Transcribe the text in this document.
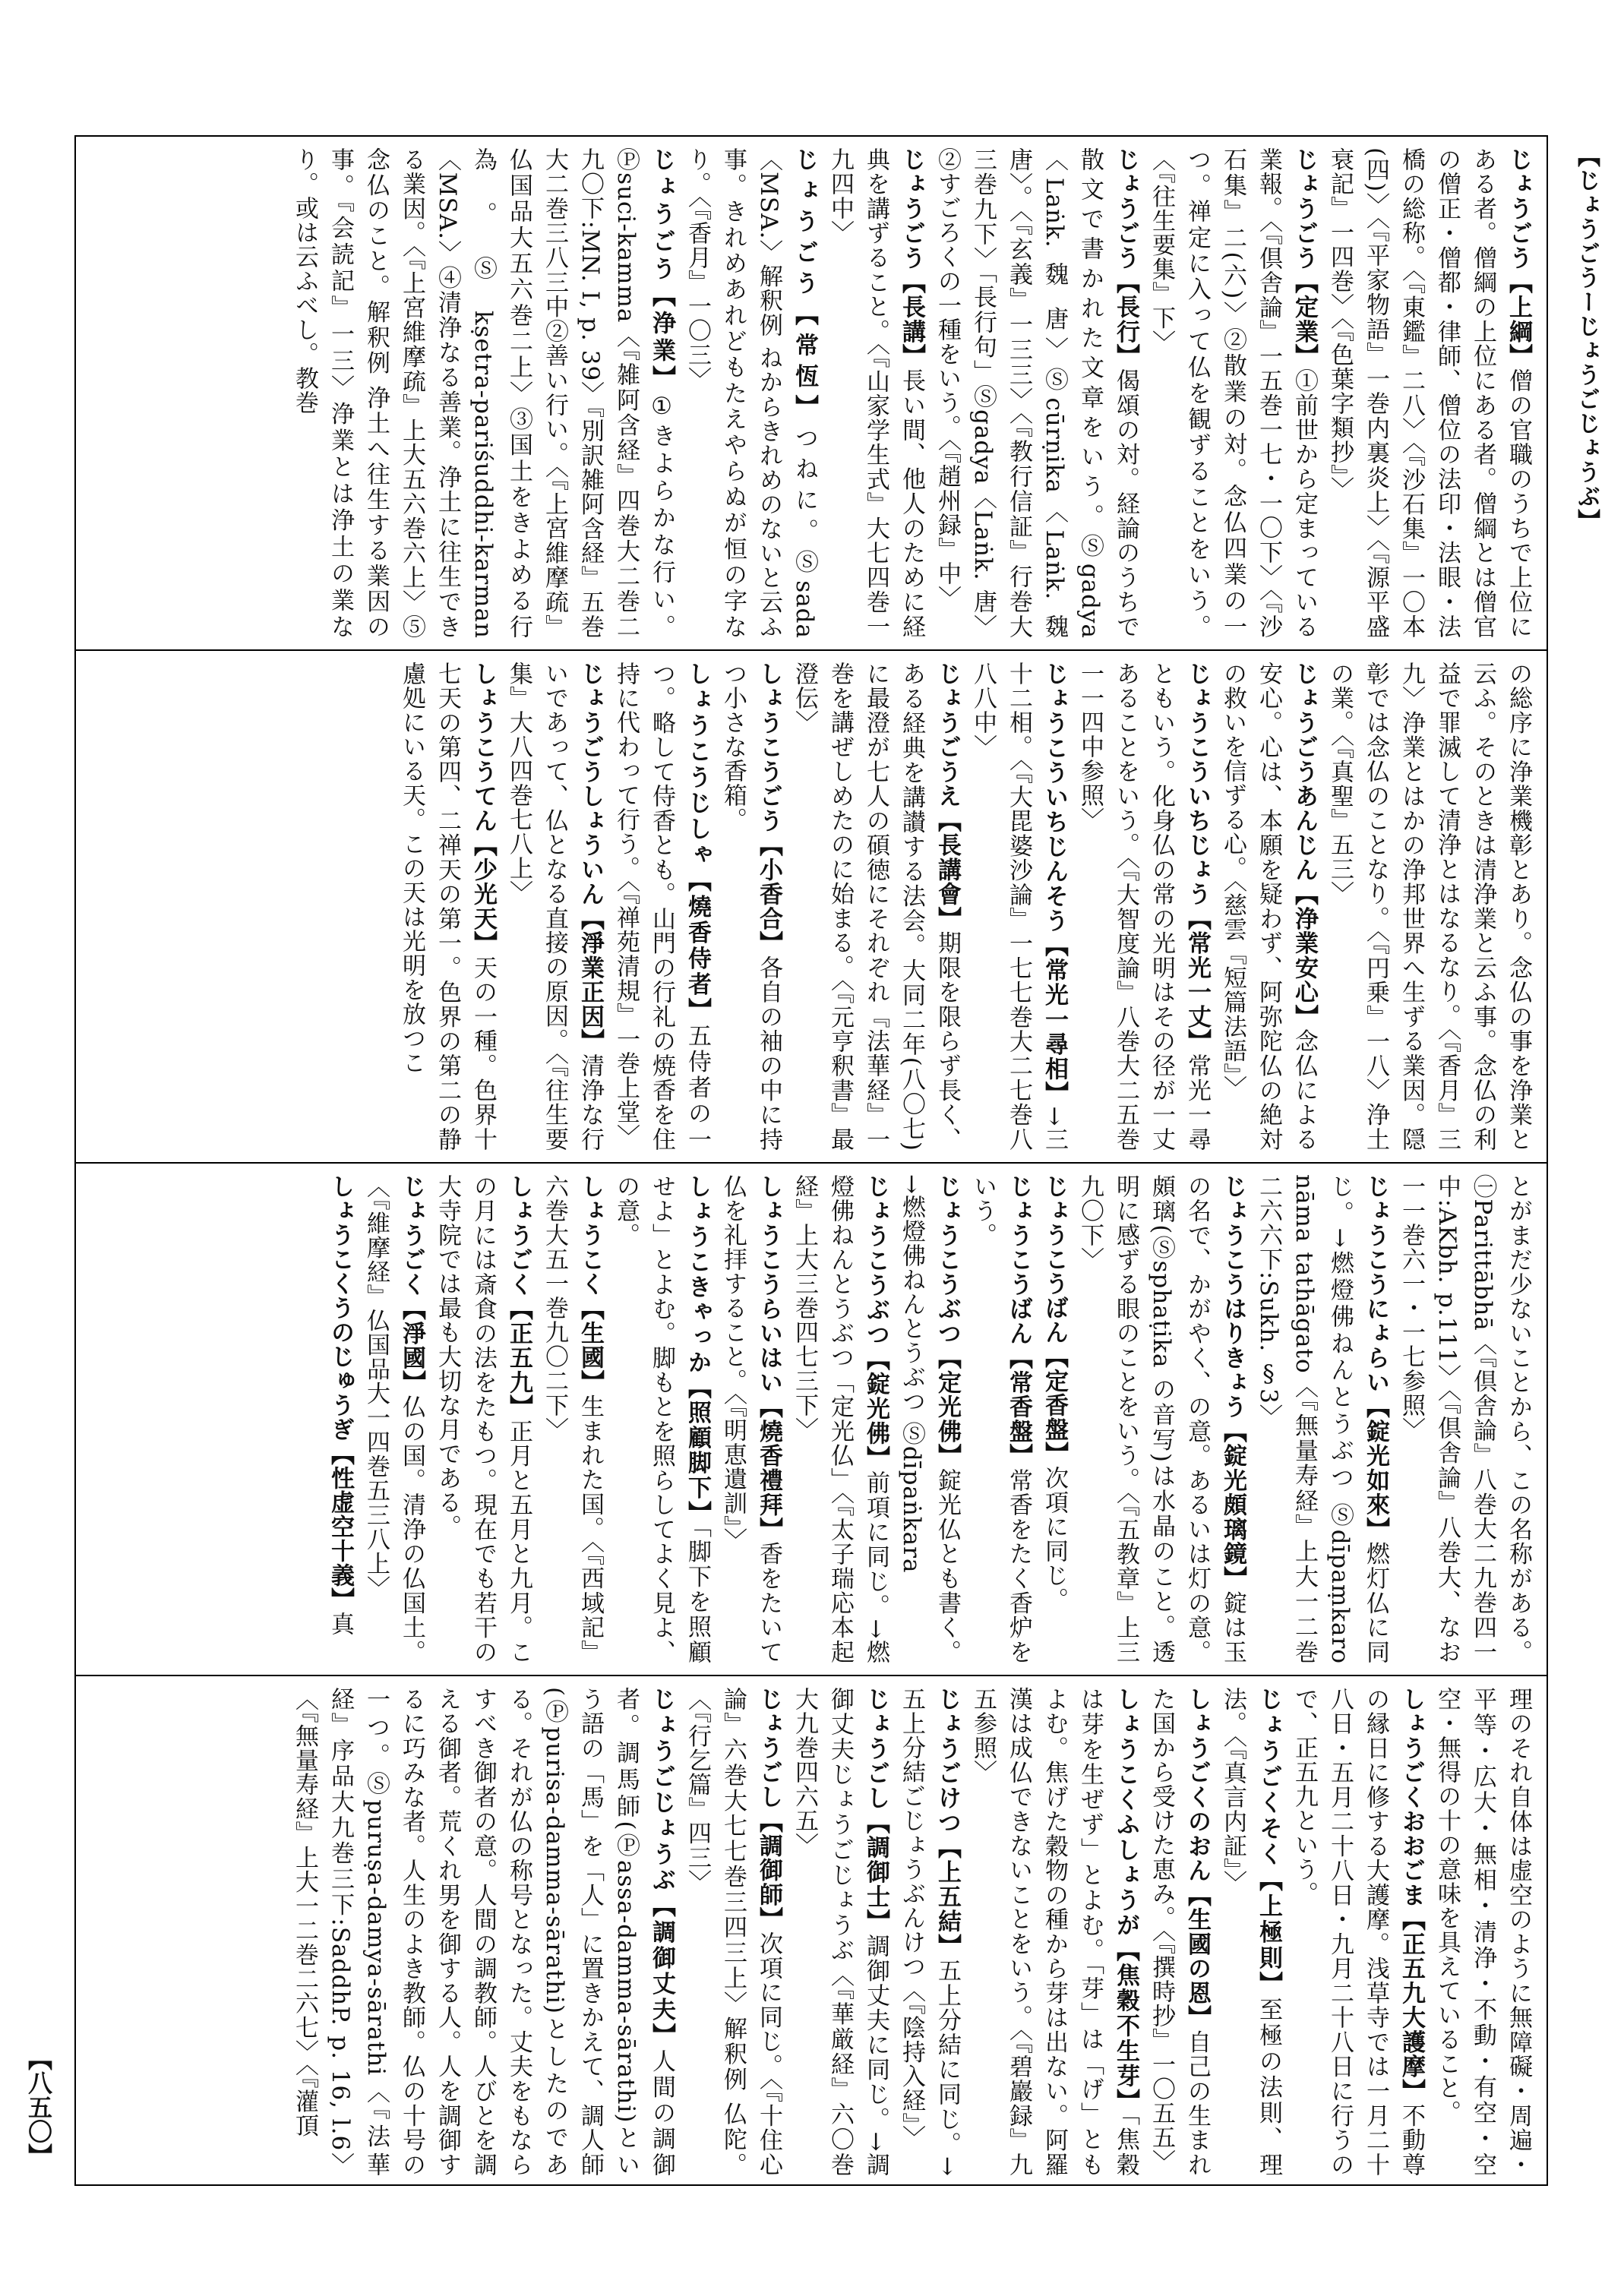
【じょうごうーじょうごじょうぶ】
【八五〇】

じょうごう【上綱】僧の官職のうちで上位にある者。僧綱の上位にある者。僧綱とは僧官の僧正・僧都・律師、僧位の法印・法眼・法橋の総称。〈『東鑑』二八〉〈『沙石集』一〇本(四)〉〈『平家物語』一巻内裏炎上〉〈『源平盛衰記』一四巻〉〈『色葉字類抄』〉

じょうごう【定業】①前世から定まっている業報。〈『倶舎論』一五巻一七・一〇下〉〈『沙石集』二(六)〉②散業の対。念仏四業の一つ。禅定に入って仏を観ずることをいう。〈『往生要集』下〉

じょうごう【長行】偈頌の対。経論のうちで散文で書かれた文章をいう。Ⓢgadya〈Laṅk. 魏 唐〉Ⓢcūrṇika〈Laṅk. 魏 唐〉。〈『玄義』一三三〉〈『教行信証』行巻大三巻九下〉「長行句」Ⓢgadya〈Laṅk. 唐〉②すごろくの一種をいう。〈『趙州録』中〉

じょうごう【長講】長い間、他人のために経典を講ずること。〈『山家学生式』大七四巻一九四中〉

じょうごう【常恆】つねに。Ⓢsada〈MSA.〉解釈例 ねからきれめのないと云ふ事。きれめあれどもたえやらぬが恒の字なり。〈『香月』一〇三〉

じょうごう【浄業】①きよらかな行い。Ⓟsuci-kamma〈『雑阿含経』四巻大二巻二九〇下:MN. I, p. 39〉『別訳雑阿含経』五巻大二巻三八三中②善い行い。〈『上宮維摩疏』仏国品大五六巻二上〉③国土をきよめる行為。Ⓢkṣetra-pariśuddhi-karman〈MSA.〉④清浄なる善業。浄土に往生できる業因。〈『上宮維摩疏』上大五六巻六上〉⑤念仏のこと。解釈例 浄土へ往生する業因の事。『会読記』一三〉浄業とは浄土の業なり。或は云ふべし。教巻

の総序に浄業機彰とあり。念仏の事を浄業と云ふ。そのときは清浄業と云ふ事。念仏の利益で罪滅して清浄とはなるなり。〈『香月』三九〉浄業とはかの浄邦世界へ生ずる業因。隠彰では念仏のことなり。〈『円乗』一八〉浄土の業。〈『真聖』五三〉

じょうごうあんじん【浄業安心】念仏による安心。心は、本願を疑わず、阿弥陀仏の絶対の救いを信ずる心。〈慈雲『短篇法語』〉

じょうこういちじょう【常光一丈】常光一尋ともいう。化身仏の常の光明はその径が一丈あることをいう。〈『大智度論』八巻大二五巻一一四中参照〉

じょうこういちじんそう【常光一尋相】→三十二相。〈『大毘婆沙論』一七七巻大二七巻八八八中〉

じょうごうえ【長講會】期限を限らず長く、ある経典を講讃する法会。大同二年(八〇七)に最澄が七人の碩徳にそれぞれ『法華経』一巻を講ぜしめたのに始まる。〈『元亨釈書』最澄伝〉

しょうこうごう【小香合】各自の袖の中に持つ小さな香箱。

しょうこうじしゃ【燒香侍者】五侍者の一つ。略して侍香とも。山門の行礼の焼香を住持に代わって行う。〈『禅苑清規』一巻上堂〉

じょうごうしょういん【淨業正因】清浄な行いであって、仏となる直接の原因。〈『往生要集』大八四巻七八上〉

しょうこうてん【少光天】天の一種。色界十七天の第四、二禅天の第一。色界の第二の静慮処にいる天。この天は光明を放つこ

とがまだ少ないことから、この名称がある。㊀Parittābhā〈『倶舎論』八巻大二九巻四一中:AKbh. p.111〉〈『倶舎論』八巻大、なお一一巻六一・一七参照〉

じょうこうにょらい【錠光如來】燃灯仏に同じ。→燃燈佛ねんとうぶつ Ⓢdīpaṃkaro nāma tathāgato〈『無量寿経』上大一二巻二六六下:Sukh. §3〉

じょうこうはりきょう【錠光頗璃鏡】錠は玉の名で、かがやく、の意。あるいは灯の意。頗璃(Ⓢsphaṭika の音写)は水晶のこと。透明に感ずる眼のことをいう。〈『五教章』上三九〇下〉

じょうこうばん【定香盤】次項に同じ。

じょうこうばん【常香盤】常香をたく香炉をいう。

じょうこうぶつ【定光佛】錠光仏とも書く。→燃燈佛ねんとうぶつ Ⓢdīpaṅkara

じょうこうぶつ【錠光佛】前項に同じ。→燃燈佛ねんとうぶつ「定光仏」〈『太子瑞応本起経』上大三巻四七三下〉

しょうこうらいはい【燒香禮拜】香をたいて仏を礼拝すること。〈『明恵遺訓』〉

しょうこきゃっか【照顧脚下】「脚下を照顧せよ」とよむ。脚もとを照らしてよく見よ、の意。

しょうこく【生國】生まれた国。〈『西域記』六巻大五一巻九〇二下〉

しょうごく【正五九】正月と五月と九月。この月には斎食の法をたもつ。現在でも若干の大寺院では最も大切な月である。

じょうごく【淨國】仏の国。清浄の仏国土。〈『維摩経』仏国品大一四巻五三八上〉

しょうこくうのじゅうぎ【性虚空十義】真

理のそれ自体は虚空のように無障礙・周遍・平等・広大・無相・清浄・不動・有空・空空・無得の十の意味を具えていること。

しょうごくおおごま【正五九大護摩】不動尊の縁日に修する大護摩。浅草寺では一月二十八日・五月二十八日・九月二十八日に行うので、正五九という。

じょうごくそく【上極則】至極の法則、理法。〈『真言内証』〉

しょうごくのおん【生國の恩】自己の生まれた国から受けた恵み。〈『撰時抄』一〇五五〉

しょうこくふしょうが【焦穀不生芽】「焦穀は芽を生ぜず」とよむ。「芽」は「げ」ともよむ。焦げた穀物の種から芽は出ない。阿羅漢は成仏できないことをいう。〈『碧巖録』九五参照〉

じょうごけつ【上五結】五上分結に同じ。→五上分結ごじょうぶんけつ〈『陰持入経』〉

じょうごし【調御士】調御丈夫に同じ。→調御丈夫じょうごじょうぶ〈『華厳経』六〇巻大九巻四六五〉

じょうごし【調御師】次項に同じ。〈『十住心論』六巻大七七巻三四三上〉解釈例 仏陀。〈『行乞篇』四三〉

じょうごじょうぶ【調御丈夫】人間の調御者。調馬師(Ⓟassa-damma-sārathi)という語の「馬」を「人」に置きかえて、調人師(Ⓟpurisa-damma-sārathi)としたのである。それが仏の称号となった。丈夫をもならすべき御者の意。人間の調教師。人びとを調える御者。荒くれ男を御する人。人を調御するに巧みな者。人生のよき教師。仏の十号の一つ。Ⓢpuruṣa-damya-sārathi〈『法華経』序品大九巻三下:SaddhP. p. 16, l.6〉〈『無量寿経』上大一二巻二六七〉〈『灌頂
